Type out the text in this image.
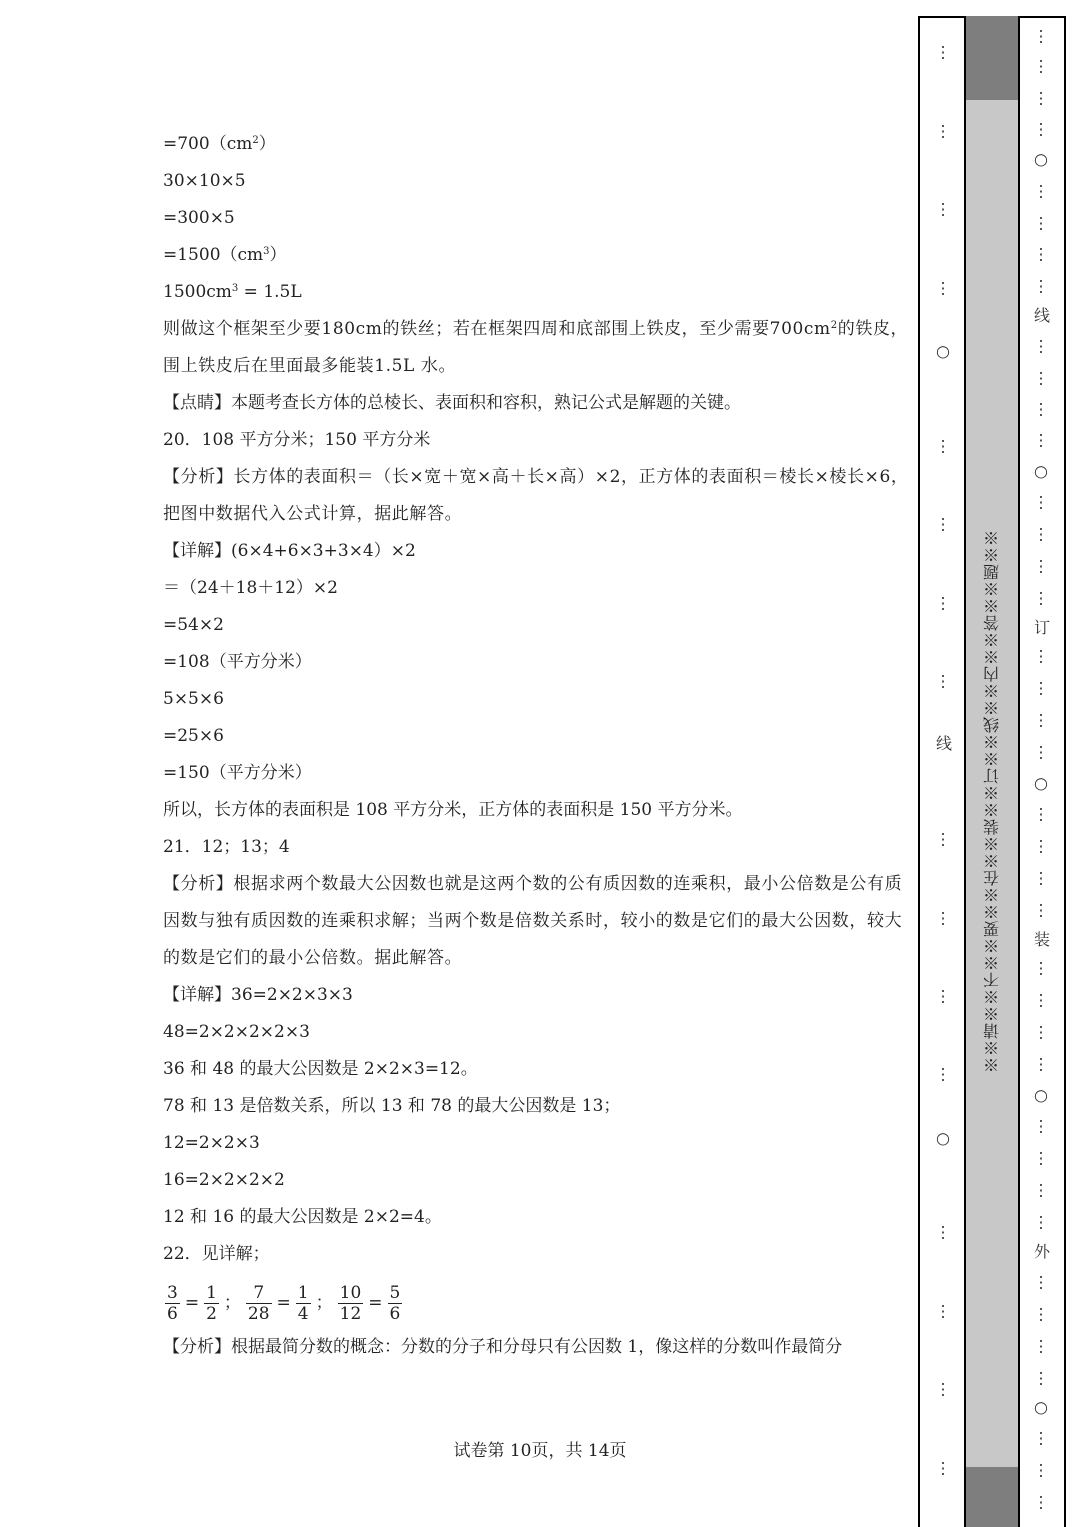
$=700(cm^2)$
30×10×5
=300×5
$=1500(cm^3)$
$1500cm^3 = 1.5L$
则做这个框架至少要180cm的铁丝；若在框架四周和底部围上铁皮，至少需要$700cm^2$的铁皮，围上铁皮后在里面最多能装1.5L 水。
【点睛】本题考查长方体的总棱长、表面积和容积，熟记公式是解题的关键。
20．108 平方分米；150 平方分米
【分析】长方体的表面积＝（长×宽＋宽×高＋长×高）×2，正方体的表面积＝棱长×棱长×6，把图中数据代入公式计算，据此解答。
【详解】(6×4+6×3+3×4）×2
＝（24＋18＋12）×2
=54×2
=108（平方分米）
5×5×6
=25×6
=150（平方分米）
所以，长方体的表面积是 108 平方分米，正方体的表面积是 150 平方分米。
21．12；13；4
【分析】根据求两个数最大公因数也就是这两个数的公有质因数的连乘积，最小公倍数是公有质因数与独有质因数的连乘积求解；当两个数是倍数关系时，较小的数是它们的最大公因数，较大的数是它们的最小公倍数。据此解答。
【详解】36=2×2×3×3
48=2×2×2×2×3
36 和 48 的最大公因数是 2×2×3=12。
78 和 13 是倍数关系，所以 13 和 78 的最大公因数是 13；
12=2×2×3
16=2×2×2×2
12 和 16 的最大公因数是 2×2=4。
22．见详解；
$\frac{3}{6} = \frac{1}{2}$ ； $\frac{7}{28} = \frac{1}{4}$ ； $\frac{10}{12} = \frac{5}{6}$
【分析】根据最简分数的概念：分数的分子和分母只有公因数 1，像这样的分数叫作最简分
试卷第 10页，共 14页
⋮
⋮
⋮
⋮
⋮
⋮
⋮
⋮
⋮
⋮
⋮
⋮
⋮
⋮
⋮
⋮
○
○
线 ※※请※※不※※要※※在※※装※※订※※线※※内※※答※※题※※
⋮
⋮
⋮
⋮
⋮
⋮
⋮
⋮
⋮
⋮
⋮
⋮
⋮
⋮
⋮
⋮
⋮
⋮
⋮
⋮
⋮
⋮
⋮
⋮
⋮
⋮
⋮
⋮
⋮
⋮
⋮
⋮
⋮
⋮
⋮
⋮
⋮
⋮
⋮
○
○
○
○
○
线
订
装
外
